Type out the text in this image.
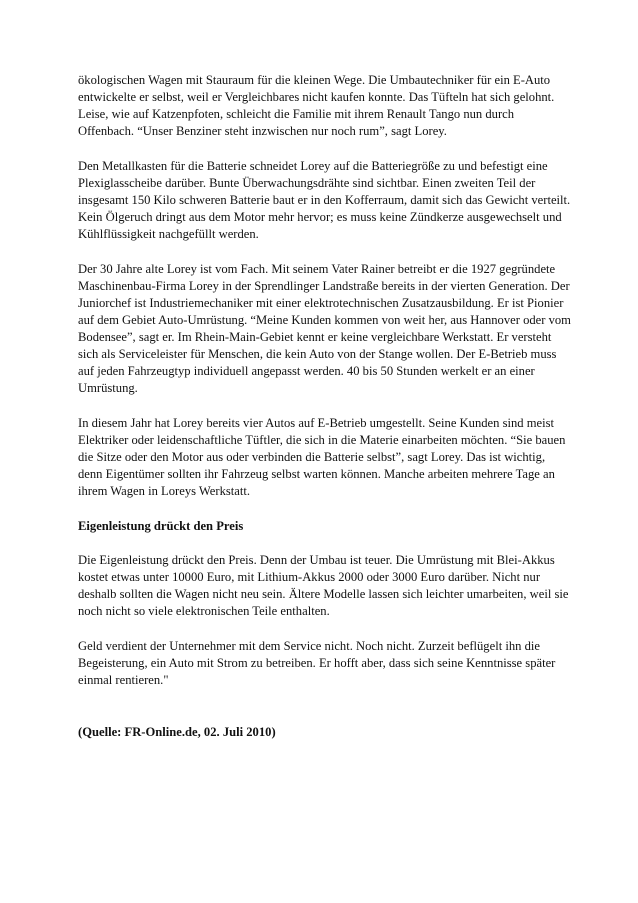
ökologischen Wagen mit Stauraum für die kleinen Wege. Die Umbautechniker für ein E-Auto entwickelte er selbst, weil er Vergleichbares nicht kaufen konnte. Das Tüfteln hat sich gelohnt. Leise, wie auf Katzenpfoten, schleicht die Familie mit ihrem Renault Tango nun durch Offenbach. “Unser Benziner steht inzwischen nur noch rum”, sagt Lorey.

Den Metallkasten für die Batterie schneidet Lorey auf die Batteriegröße zu und befestigt eine Plexiglasscheibe darüber. Bunte Überwachungsdrähte sind sichtbar. Einen zweiten Teil der insgesamt 150 Kilo schweren Batterie baut er in den Kofferraum, damit sich das Gewicht verteilt. Kein Ölgeruch dringt aus dem Motor mehr hervor; es muss keine Zündkerze ausgewechselt und Kühlflüssigkeit nachgefüllt werden.

Der 30 Jahre alte Lorey ist vom Fach. Mit seinem Vater Rainer betreibt er die 1927 gegründete Maschinenbau-Firma Lorey in der Sprendlinger Landstraße bereits in der vierten Generation. Der Juniorchef ist Industriemechaniker mit einer elektrotechnischen Zusatzausbildung. Er ist Pionier auf dem Gebiet Auto-Umrüstung. “Meine Kunden kommen von weit her, aus Hannover oder vom Bodensee”, sagt er. Im Rhein-Main-Gebiet kennt er keine vergleichbare Werkstatt. Er versteht sich als Serviceleister für Menschen, die kein Auto von der Stange wollen. Der E-Betrieb muss auf jeden Fahrzeugtyp individuell angepasst werden. 40 bis 50 Stunden werkelt er an einer Umrüstung.

In diesem Jahr hat Lorey bereits vier Autos auf E-Betrieb umgestellt. Seine Kunden sind meist Elektriker oder leidenschaftliche Tüftler, die sich in die Materie einarbeiten möchten. “Sie bauen die Sitze oder den Motor aus oder verbinden die Batterie selbst”, sagt Lorey. Das ist wichtig, denn Eigentümer sollten ihr Fahrzeug selbst warten können. Manche arbeiten mehrere Tage an ihrem Wagen in Loreys Werkstatt.

Eigenleistung drückt den Preis

Die Eigenleistung drückt den Preis. Denn der Umbau ist teuer. Die Umrüstung mit Blei-Akkus kostet etwas unter 10000 Euro, mit Lithium-Akkus 2000 oder 3000 Euro darüber. Nicht nur deshalb sollten die Wagen nicht neu sein. Ältere Modelle lassen sich leichter umarbeiten, weil sie noch nicht so viele elektronischen Teile enthalten.

Geld verdient der Unternehmer mit dem Service nicht. Noch nicht. Zurzeit beflügelt ihn die Begeisterung, ein Auto mit Strom zu betreiben. Er hofft aber, dass sich seine Kenntnisse später einmal rentieren."

(Quelle: FR-Online.de, 02. Juli 2010)
